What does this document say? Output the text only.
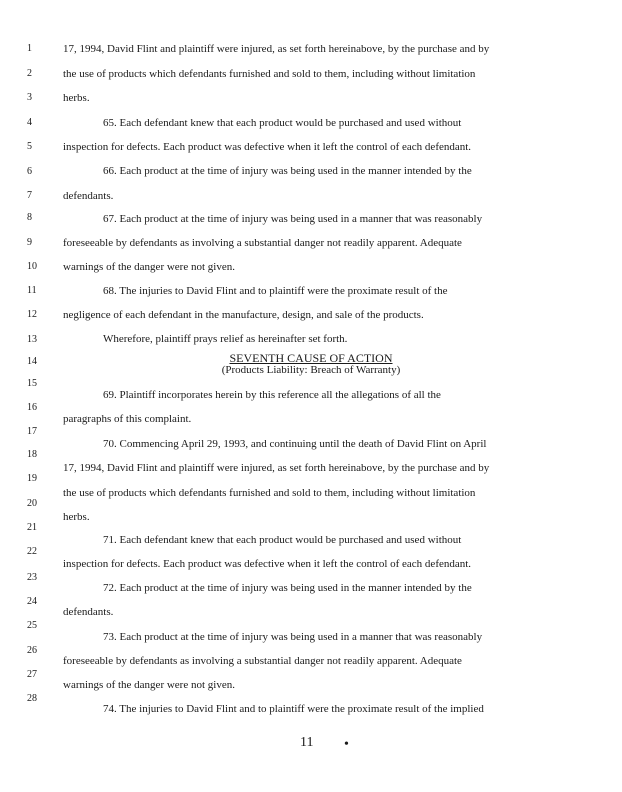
1
2
3
4
5
6
7
8
9
10
11
12
13
14
15
16
17
18
19
20
21
22
23
24
25
26
27
28
17, 1994, David Flint and plaintiff were injured, as set forth hereinabove, by the purchase and by
the use of products which defendants furnished and sold to them, including without limitation
herbs.
65. Each defendant knew that each product would be purchased and used without
inspection for defects. Each product was defective when it left the control of each defendant.
66. Each product at the time of injury was being used in the manner intended by the
defendants.
67. Each product at the time of injury was being used in a manner that was reasonably
foreseeable by defendants as involving a substantial danger not readily apparent. Adequate
warnings of the danger were not given.
68. The injuries to David Flint and to plaintiff were the proximate result of the
negligence of each defendant in the manufacture, design, and sale of the products.
Wherefore, plaintiff prays relief as hereinafter set forth.
SEVENTH CAUSE OF ACTION
(Products Liability: Breach of Warranty)
69. Plaintiff incorporates herein by this reference all the allegations of all the
paragraphs of this complaint.
70. Commencing April 29, 1993, and continuing until the death of David Flint on April
17, 1994, David Flint and plaintiff were injured, as set forth hereinabove, by the purchase and by
the use of products which defendants furnished and sold to them, including without limitation
herbs.
71. Each defendant knew that each product would be purchased and used without
inspection for defects. Each product was defective when it left the control of each defendant.
72. Each product at the time of injury was being used in the manner intended by the
defendants.
73. Each product at the time of injury was being used in a manner that was reasonably
foreseeable by defendants as involving a substantial danger not readily apparent. Adequate
warnings of the danger were not given.
74. The injuries to David Flint and to plaintiff were the proximate result of the implied
11 •
